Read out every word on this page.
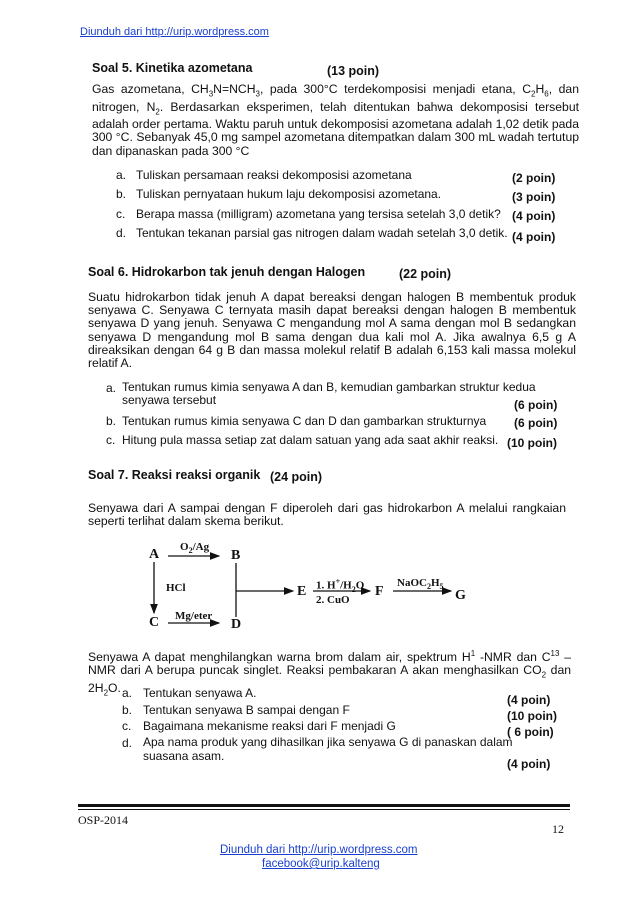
Diunduh dari http://urip.wordpress.com
Soal 5. Kinetika azometana	(13 poin)
Gas azometana, $CH_3N=NCH_3$, pada 300°C terdekomposisi menjadi etana, $C_2H_6$, dan nitrogen, $N_2$. Berdasarkan eksperimen, telah ditentukan bahwa dekomposisi tersebut adalah order pertama. Waktu paruh untuk dekomposisi azometana adalah 1,02 detik pada 300 °C. Sebanyak 45,0 mg sampel azometana ditempatkan dalam 300 mL wadah tertutup dan dipanaskan pada 300 °C
a. Tuliskan persamaan reaksi dekomposisi azometana	(2 poin)
b. Tuliskan pernyataan hukum laju dekomposisi azometana.	(3 poin)
c. Berapa massa (milligram) azometana yang tersisa setelah 3,0 detik? (4 poin)
d. Tentukan tekanan parsial gas nitrogen dalam wadah setelah 3,0 detik. (4 poin)
Soal 6. Hidrokarbon tak jenuh dengan Halogen	(22 poin)
Suatu hidrokarbon tidak jenuh A dapat bereaksi dengan halogen B membentuk produk senyawa C. Senyawa C ternyata masih dapat bereaksi dengan halogen B membentuk senyawa D yang jenuh. Senyawa C mengandung mol A sama dengan mol B sedangkan senyawa D mengandung mol B sama dengan dua kali mol A. Jika awalnya 6,5 g A direaksikan dengan 64 g B dan massa molekul relatif B adalah 6,153 kali massa molekul relatif A.
a. Tentukan rumus kimia senyawa A dan B, kemudian gambarkan struktur kedua senyawa tersebut	(6 poin)
b. Tentukan rumus kimia senyawa C dan D dan gambarkan strukturnya (6 poin)
c. Hitung pula massa setiap zat dalam satuan yang ada saat akhir reaksi. (10 poin)
Soal 7. Reaksi reaksi organik (24 poin)
Senyawa dari A sampai dengan F diperoleh dari gas hidrokarbon A melalui rangkaian seperti terlihat dalam skema berikut.
A	B
C	D
E	F	G
$O_2/Ag$
HCl
Mg/eter
1. $H^+/H_2O$
2. CuO
$NaOC_2H_5$
Senyawa A dapat menghilangkan warna brom dalam air, spektrum $H^1$ -NMR dan $C^{13}$ –NMR dari A berupa puncak singlet. Reaksi pembakaran A akan menghasilkan $CO_2$ dan $2H_2O$. a. Tentukan senyawa A.	(4 poin)
b. Tentukan senyawa B sampai dengan F	(10 poin)
c. Bagaimana mekanisme reaksi dari F menjadi G	( 6 poin)
d. Apa nama produk yang dihasilkan jika senyawa G di panaskan dalam suasana asam.
(4 poin)
OSP-2014
12
Diunduh dari http://urip.wordpress.com
facebook@urip.kalteng
